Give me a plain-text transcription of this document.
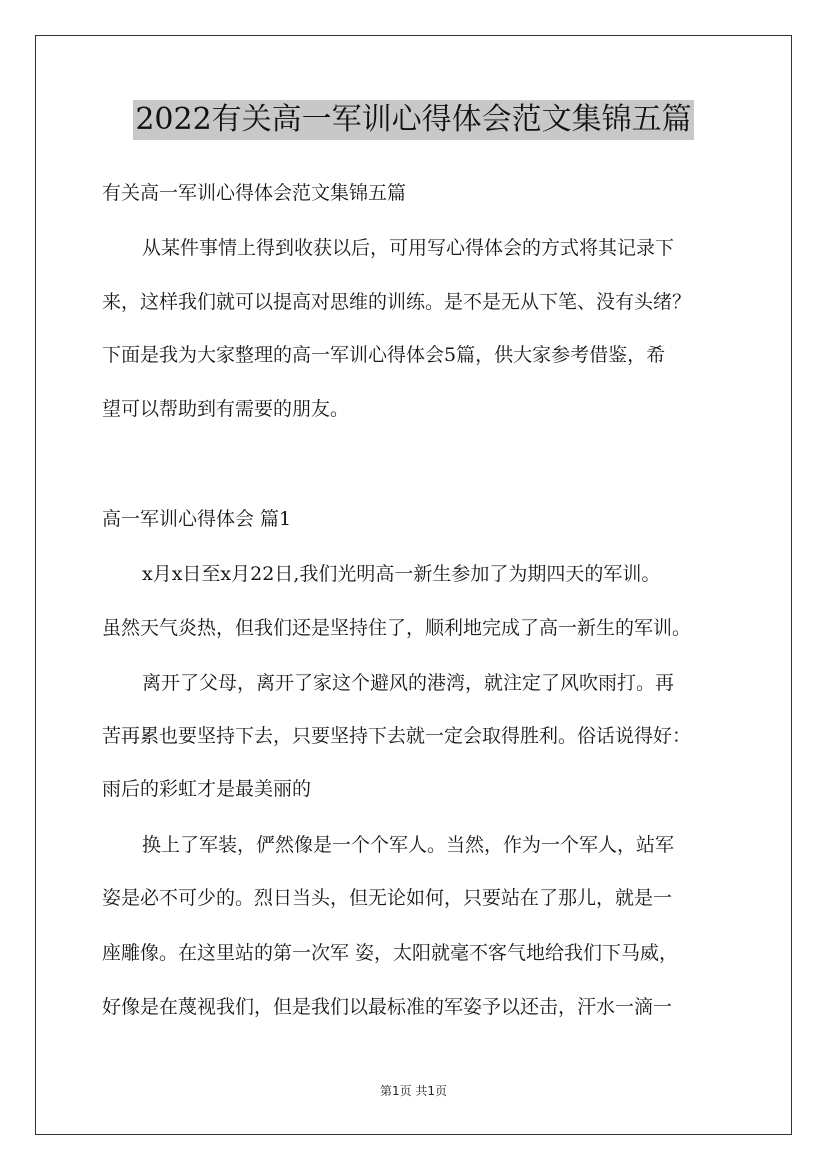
2022有关高一军训心得体会范文集锦五篇
有关高一军训心得体会范文集锦五篇
从某件事情上得到收获以后，可用写心得体会的方式将其记录下
来，这样我们就可以提高对思维的训练。是不是无从下笔、没有头绪？
下面是我为大家整理的高一军训心得体会5篇，供大家参考借鉴，希
望可以帮助到有需要的朋友。
高一军训心得体会 篇1
x月x日至x月22日,我们光明高一新生参加了为期四天的军训。
虽然天气炎热，但我们还是坚持住了，顺利地完成了高一新生的军训。
离开了父母，离开了家这个避风的港湾，就注定了风吹雨打。再
苦再累也要坚持下去，只要坚持下去就一定会取得胜利。俗话说得好：
雨后的彩虹才是最美丽的
换上了军装，俨然像是一个个军人。当然，作为一个军人，站军
姿是必不可少的。烈日当头，但无论如何，只要站在了那儿，就是一
座雕像。在这里站的第一次军 姿，太阳就毫不客气地给我们下马威，
好像是在蔑视我们，但是我们以最标准的军姿予以还击，汗水一滴一
第1页 共1页
